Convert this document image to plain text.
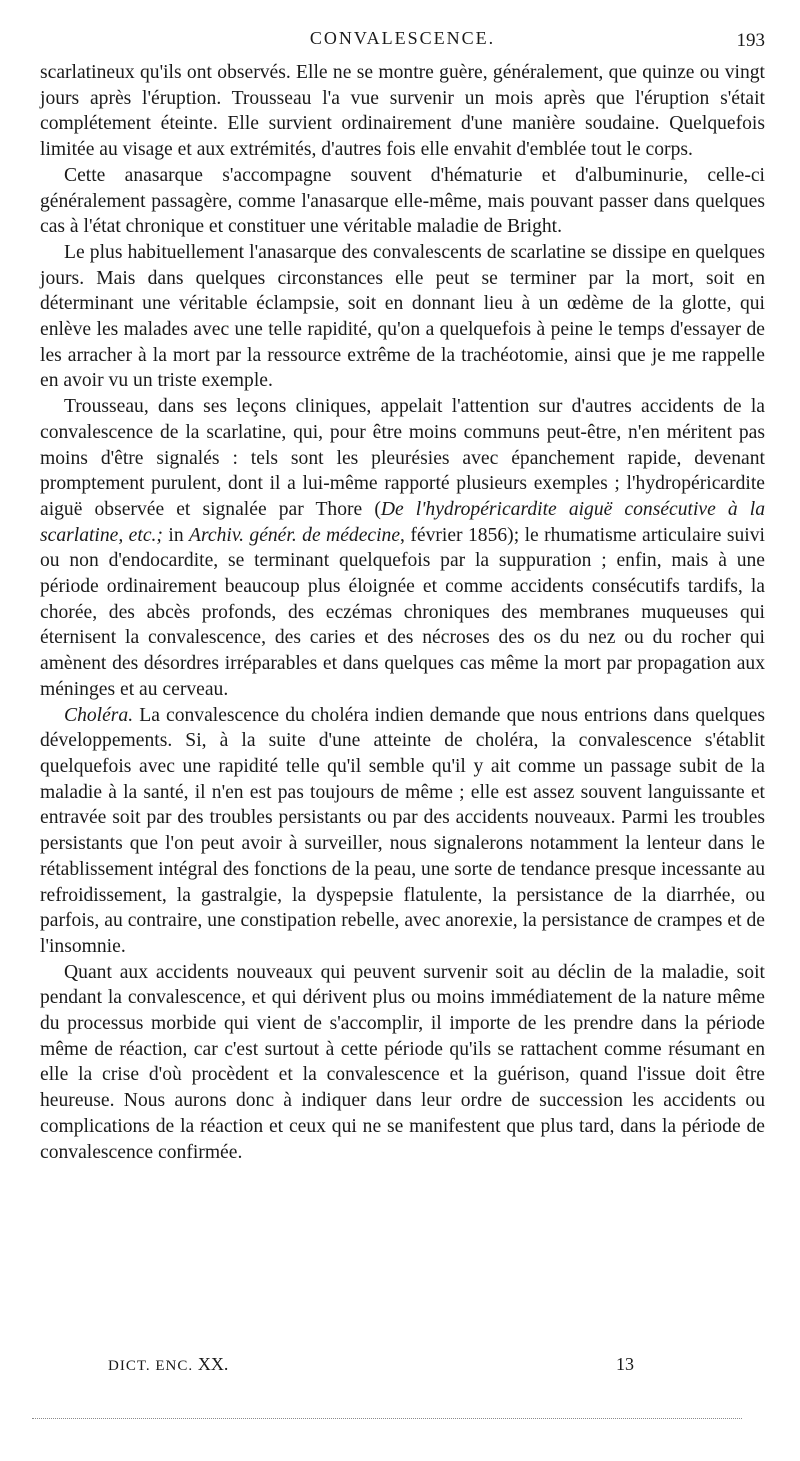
CONVALESCENCE.	193

scarlatineux qu'ils ont observés. Elle ne se montre guère, généralement, que quinze ou vingt jours après l'éruption. Trousseau l'a vue survenir un mois après que l'éruption s'était complétement éteinte. Elle survient ordinairement d'une manière soudaine. Quelquefois limitée au visage et aux extrémités, d'autres fois elle envahit d'emblée tout le corps.

Cette anasarque s'accompagne souvent d'hématurie et d'albuminurie, celle-ci généralement passagère, comme l'anasarque elle-même, mais pouvant passer dans quelques cas à l'état chronique et constituer une véritable maladie de Bright.

Le plus habituellement l'anasarque des convalescents de scarlatine se dissipe en quelques jours. Mais dans quelques circonstances elle peut se terminer par la mort, soit en déterminant une véritable éclampsie, soit en donnant lieu à un œdème de la glotte, qui enlève les malades avec une telle rapidité, qu'on a quelquefois à peine le temps d'essayer de les arracher à la mort par la ressource extrême de la trachéotomie, ainsi que je me rappelle en avoir vu un triste exemple.

Trousseau, dans ses leçons cliniques, appelait l'attention sur d'autres accidents de la convalescence de la scarlatine, qui, pour être moins communs peut-être, n'en méritent pas moins d'être signalés : tels sont les pleurésies avec épanchement rapide, devenant promptement purulent, dont il a lui-même rapporté plusieurs exemples ; l'hydropéricardite aiguë observée et signalée par Thore (De l'hydropéricardite aiguë consécutive à la scarlatine, etc.; in Archiv. génér. de médecine, février 1856); le rhumatisme articulaire suivi ou non d'endocardite, se terminant quelquefois par la suppuration ; enfin, mais à une période ordinairement beaucoup plus éloignée et comme accidents consécutifs tardifs, la chorée, des abcès profonds, des eczémas chroniques des membranes muqueuses qui éternisent la convalescence, des caries et des nécroses des os du nez ou du rocher qui amènent des désordres irréparables et dans quelques cas même la mort par propagation aux méninges et au cerveau.

Choléra. La convalescence du choléra indien demande que nous entrions dans quelques développements. Si, à la suite d'une atteinte de choléra, la convalescence s'établit quelquefois avec une rapidité telle qu'il semble qu'il y ait comme un passage subit de la maladie à la santé, il n'en est pas toujours de même ; elle est assez souvent languissante et entravée soit par des troubles persistants ou par des accidents nouveaux. Parmi les troubles persistants que l'on peut avoir à surveiller, nous signalerons notamment la lenteur dans le rétablissement intégral des fonctions de la peau, une sorte de tendance presque incessante au refroidissement, la gastralgie, la dyspepsie flatulente, la persistance de la diarrhée, ou parfois, au contraire, une constipation rebelle, avec anorexie, la persistance de crampes et de l'insomnie.

Quant aux accidents nouveaux qui peuvent survenir soit au déclin de la maladie, soit pendant la convalescence, et qui dérivent plus ou moins immédiatement de la nature même du processus morbide qui vient de s'accomplir, il importe de les prendre dans la période même de réaction, car c'est surtout à cette période qu'ils se rattachent comme résumant en elle la crise d'où procèdent et la convalescence et la guérison, quand l'issue doit être heureuse. Nous aurons donc à indiquer dans leur ordre de succession les accidents ou complications de la réaction et ceux qui ne se manifestent que plus tard, dans la période de convalescence confirmée.

DICT. ENC. XX.	13
